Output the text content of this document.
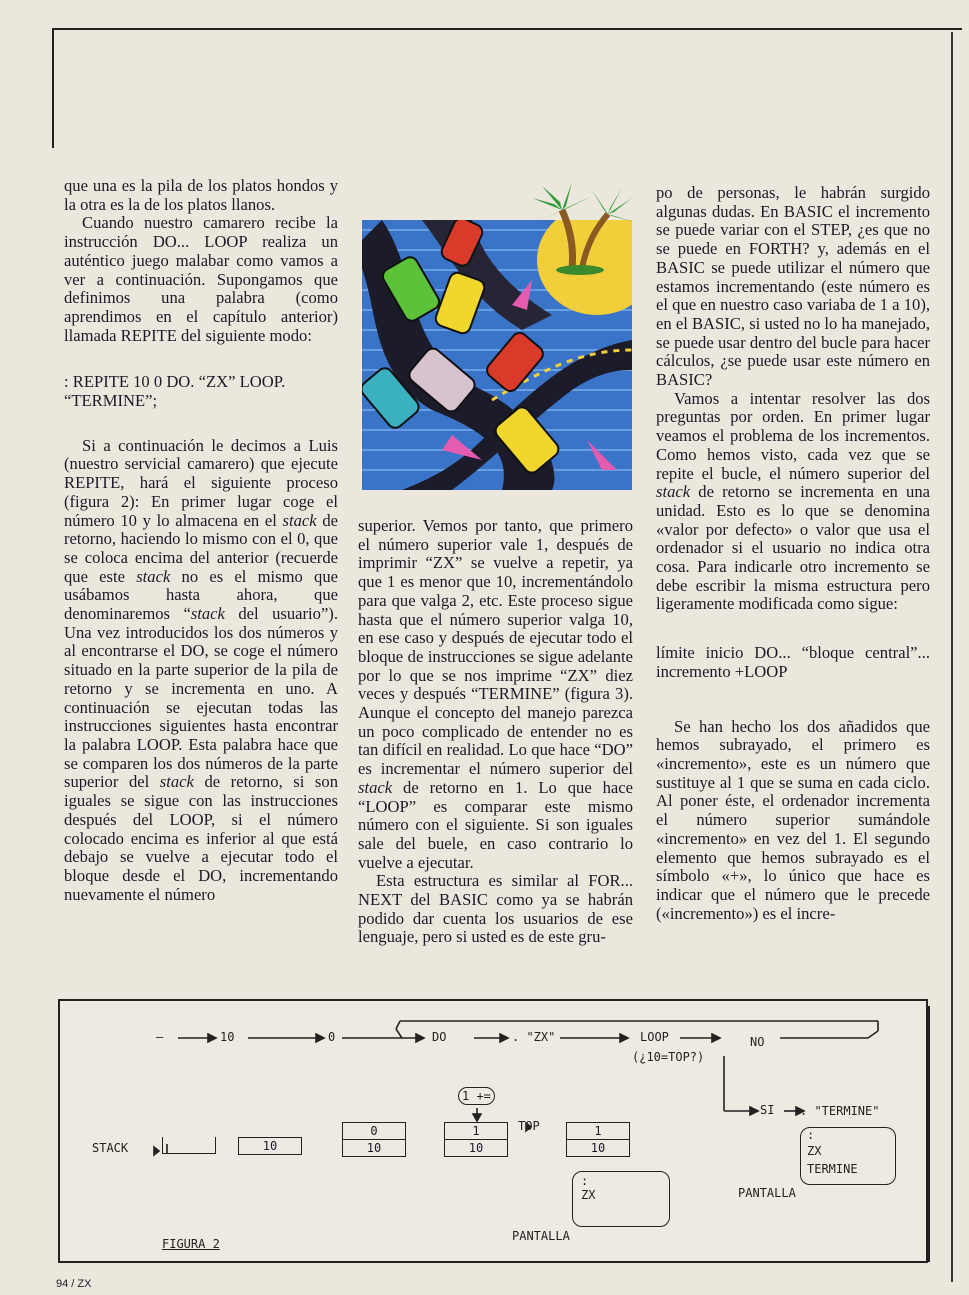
que una es la pila de los platos hondos y la otra es la de los platos llanos.

Cuando nuestro camarero recibe la instrucción DO... LOOP realiza un auténtico juego malabar como vamos a ver a continuación. Supongamos que definimos una palabra (como aprendimos en el capítulo anterior) llamada REPITE del siguiente modo:

: REPITE 10 0 DO. “ZX” LOOP.

“TERMINE”;

Si a continuación le decimos a Luis (nuestro servicial camarero) que ejecute REPITE, hará el siguiente proceso (figura 2): En primer lugar coge el número 10 y lo almacena en el stack de retorno, haciendo lo mismo con el 0, que se coloca encima del anterior (recuerde que este stack no es el mismo que usábamos hasta ahora, que denominaremos “stack del usuario”). Una vez introducidos los dos números y al encontrarse el DO, se coge el número situado en la parte superior de la pila de retorno y se incrementa en uno. A continuación se ejecutan todas las instrucciones siguientes hasta encontrar la palabra LOOP. Esta palabra hace que se comparen los dos números de la parte superior del stack de retorno, si son iguales se sigue con las instrucciones después del LOOP, si el número colocado encima es inferior al que está debajo se vuelve a ejecutar todo el bloque desde el DO, incrementando nuevamente el número

superior. Vemos por tanto, que primero el número superior vale 1, después de imprimir “ZX” se vuelve a repetir, ya que 1 es menor que 10, incrementándolo para que valga 2, etc. Este proceso sigue hasta que el número superior valga 10, en ese caso y después de ejecutar todo el bloque de instrucciones se sigue adelante por lo que se nos imprime “ZX” diez veces y después “TERMINE” (figura 3). Aunque el concepto del manejo parezca un poco complicado de entender no es tan difícil en realidad. Lo que hace “DO” es incrementar el número superior del stack de retorno en 1. Lo que hace “LOOP” es comparar este mismo número con el siguiente. Si son iguales sale del buele, en caso contrario lo vuelve a ejecutar.

Esta estructura es similar al FOR... NEXT del BASIC como ya se habrán podido dar cuenta los usuarios de ese lenguaje, pero si usted es de este gru-

po de personas, le habrán surgido algunas dudas. En BASIC el incremento se puede variar con el STEP, ¿es que no se puede en FORTH? y, además en el BASIC se puede utilizar el número que estamos incrementando (este número es el que en nuestro caso variaba de 1 a 10), en el BASIC, si usted no lo ha manejado, se puede usar dentro del bucle para hacer cálculos, ¿se puede usar este número en BASIC?

Vamos a intentar resolver las dos preguntas por orden. En primer lugar veamos el problema de los incrementos. Como hemos visto, cada vez que se repite el bucle, el número superior del stack de retorno se incrementa en una unidad. Esto es lo que se denomina «valor por defecto» o valor que usa el ordenador si el usuario no indica otra cosa. Para indicarle otro incremento se debe escribir la misma estructura pero ligeramente modificada como sigue:

límite inicio DO... “bloque central”... incremento +LOOP

Se han hecho los dos añadidos que hemos subrayado, el primero es «incremento», este es un número que sustituye al 1 que se suma en cada ciclo. Al poner éste, el ordenador incrementa el número superior sumándole «incremento» en vez del 1. El segundo elemento que hemos subrayado es el símbolo «+», lo único que hace es indicar que el número que le precede («incremento») es el incre-

—	10	0	DO	. "ZX"	LOOP
(¿10=TOP?)
NO
SI . "TERMINE"
1 +=
STACK	10
0
10
1
10
TOP	1
10
:
ZX
PANTALLA
:
ZX
TERMINE
PANTALLA
FIGURA 2
94 / ZX
